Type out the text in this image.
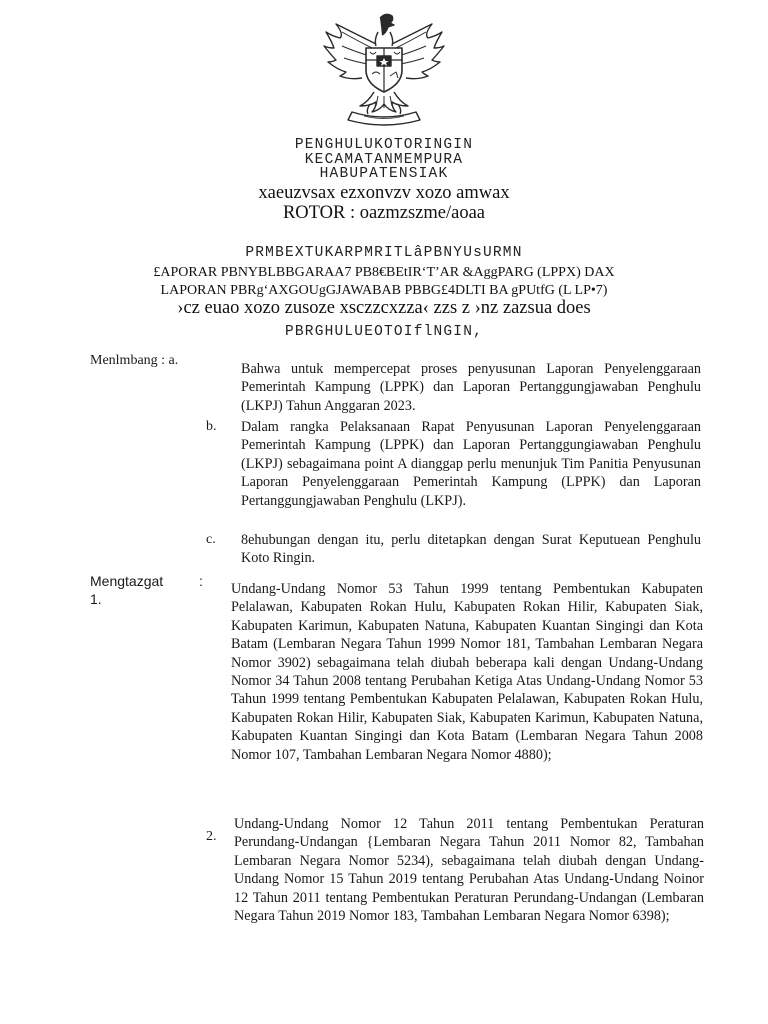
PENGHULUKOTORINGIN
KECAMATANMEMPURA
HABUPATENSIAK
xaeuzvsax ezxonvzv xozo amwax
ROTOR : oazmzszme/aoaa
PRMBEXTUKARPMRITLâPBNYUsURMN
£APORAR PBNYBLBBGARAA7 PB8€BEtIR‘T’AR &AggPARG (LPPX) DAX
LAPORAN PBRg‘AXGOUgGJAWABAB PBBG£4DLTI BA gPUtfG (L LP•7)
›cz euao xozo zusoze xsczzcxzza‹ zzs z ›nz zazsua does
PBRGHULUEOTOIflNGIN,
Menlmbang : a.
Bahwa untuk mempercepat proses penyusunan Laporan Penyelenggaraan Pemerintah Kampung (LPPK) dan Laporan Pertanggungjawaban Penghulu (LKPJ) Tahun Anggaran 2023.
b. Dalam rangka Pelaksanaan Rapat Penyusunan Laporan Penyelenggaraan Pemerintah Kampung (LPPK) dan Laporan Pertanggungiawaban Penghulu (LKPJ) sebagaimana point A dianggap perlu menunjuk Tim Panitia Penyusunan Laporan Penyelenggaraan Pemerintah Kampung (LPPK) dan Laporan Pertanggungjawaban Penghulu (LKPJ).
c. 8ehubungan dengan itu, perlu ditetapkan dengan Surat Keputuean Penghulu Koto Ringin.
Mengtazgat	:
1.
Undang-Undang Nomor 53 Tahun 1999 tentang Pembentukan Kabupaten Pelalawan, Kabupaten Rokan Hulu, Kabupaten Rokan Hilir, Kabupaten Siak, Kabupaten Karimun, Kabupaten Natuna, Kabupaten Kuantan Singingi dan Kota Batam (Lembaran Negara Tahun 1999 Nomor 181, Tambahan Lembaran Negara Nomor 3902) sebagaimana telah diubah beberapa kali dengan Undang-Undang Nomor 34 Tahun 2008 tentang Perubahan Ketiga Atas Undang-Undang Nomor 53 Tahun 1999 tentang Pembentukan Kabupaten Pelalawan, Kabupaten Rokan Hulu, Kabupaten Rokan Hilir, Kabupaten Siak, Kabupaten Karimun, Kabupaten Natuna, Kabupaten Kuantan Singingi dan Kota Batam (Lembaran Negara Tahun 2008 Nomor 107, Tambahan Lembaran Negara Nomor 4880);
2.
Undang-Undang Nomor 12 Tahun 2011 tentang Pembentukan Peraturan Perundang-Undangan {Lembaran Negara Tahun 2011 Nomor 82, Tambahan Lembaran Negara Nomor 5234), sebagaimana telah diubah dengan Undang-Undang Nomor 15 Tahun 2019 tentang Perubahan Atas Undang-Undang Noinor 12 Tahun 2011 tentang Pembentukan Peraturan Perundang-Undangan (Lembaran Negara Tahun 2019 Nomor 183, Tambahan Lembaran Negara Nomor 6398);
